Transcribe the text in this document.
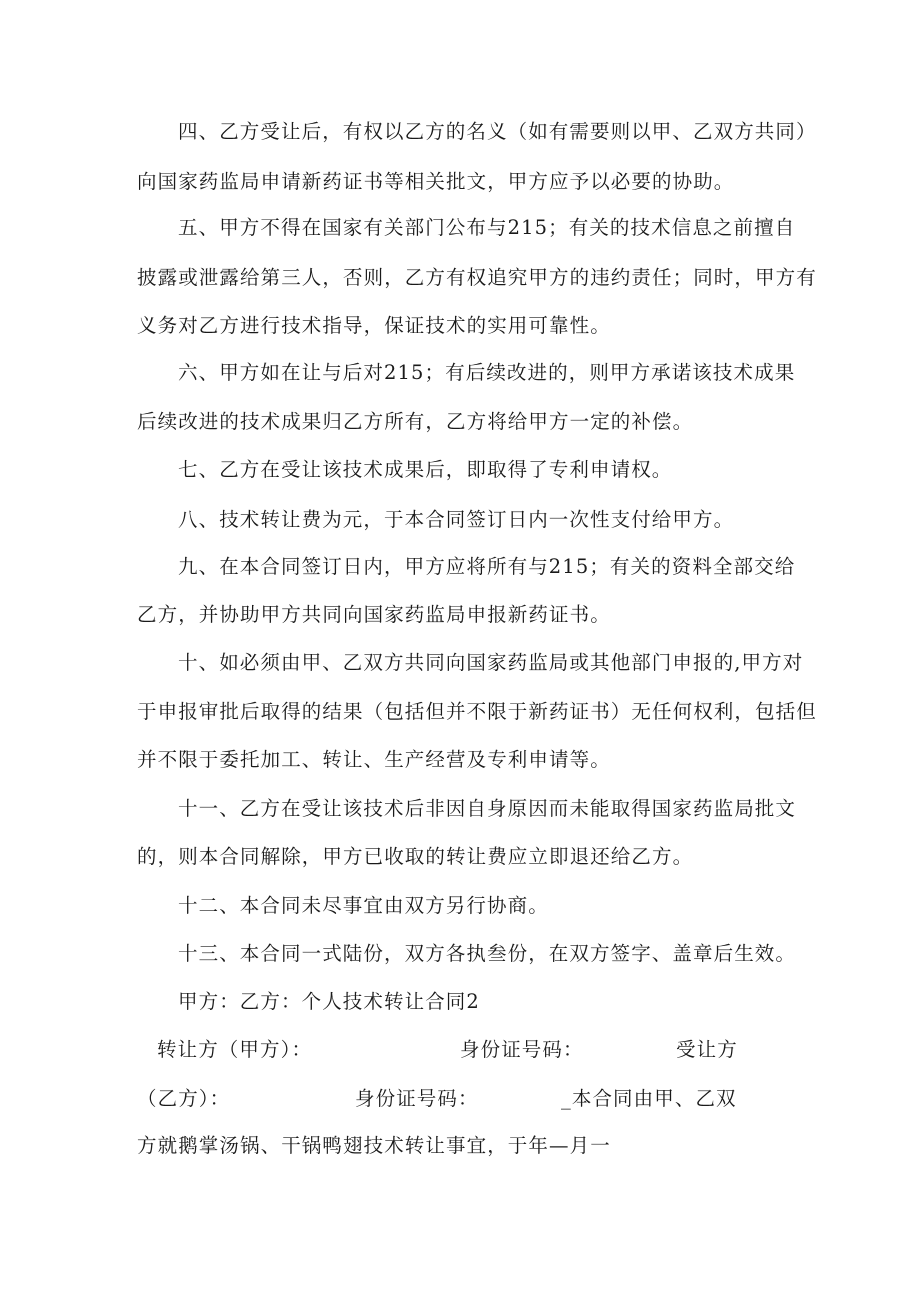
四、乙方受让后，有权以乙方的名义（如有需要则以甲、乙双方共同）
向国家药监局申请新药证书等相关批文，甲方应予以必要的协助。
五、甲方不得在国家有关部门公布与215；有关的技术信息之前擅自
披露或泄露给第三人，否则，乙方有权追究甲方的违约责任；同时，甲方有
义务对乙方进行技术指导，保证技术的实用可靠性。
六、甲方如在让与后对215；有后续改进的，则甲方承诺该技术成果
后续改进的技术成果归乙方所有，乙方将给甲方一定的补偿。
七、乙方在受让该技术成果后，即取得了专利申请权。
八、技术转让费为元，于本合同签订日内一次性支付给甲方。
九、在本合同签订日内，甲方应将所有与215；有关的资料全部交给
乙方，并协助甲方共同向国家药监局申报新药证书。
十、如必须由甲、乙双方共同向国家药监局或其他部门申报的,甲方对
于申报审批后取得的结果（包括但并不限于新药证书）无任何权利，包括但
并不限于委托加工、转让、生产经营及专利申请等。
十一、乙方在受让该技术后非因自身原因而未能取得国家药监局批文
的，则本合同解除，甲方已收取的转让费应立即退还给乙方。
十二、本合同未尽事宜由双方另行协商。
十三、本合同一式陆份，双方各执叁份，在双方签字、盖章后生效。
甲方：乙方：个人技术转让合同2
转让方（甲方）：	身份证号码：	受让方
（乙方）：	身份证号码：	_本合同由甲、乙双
方就鹅掌汤锅、干锅鸭翅技术转让事宜，于年—月一
